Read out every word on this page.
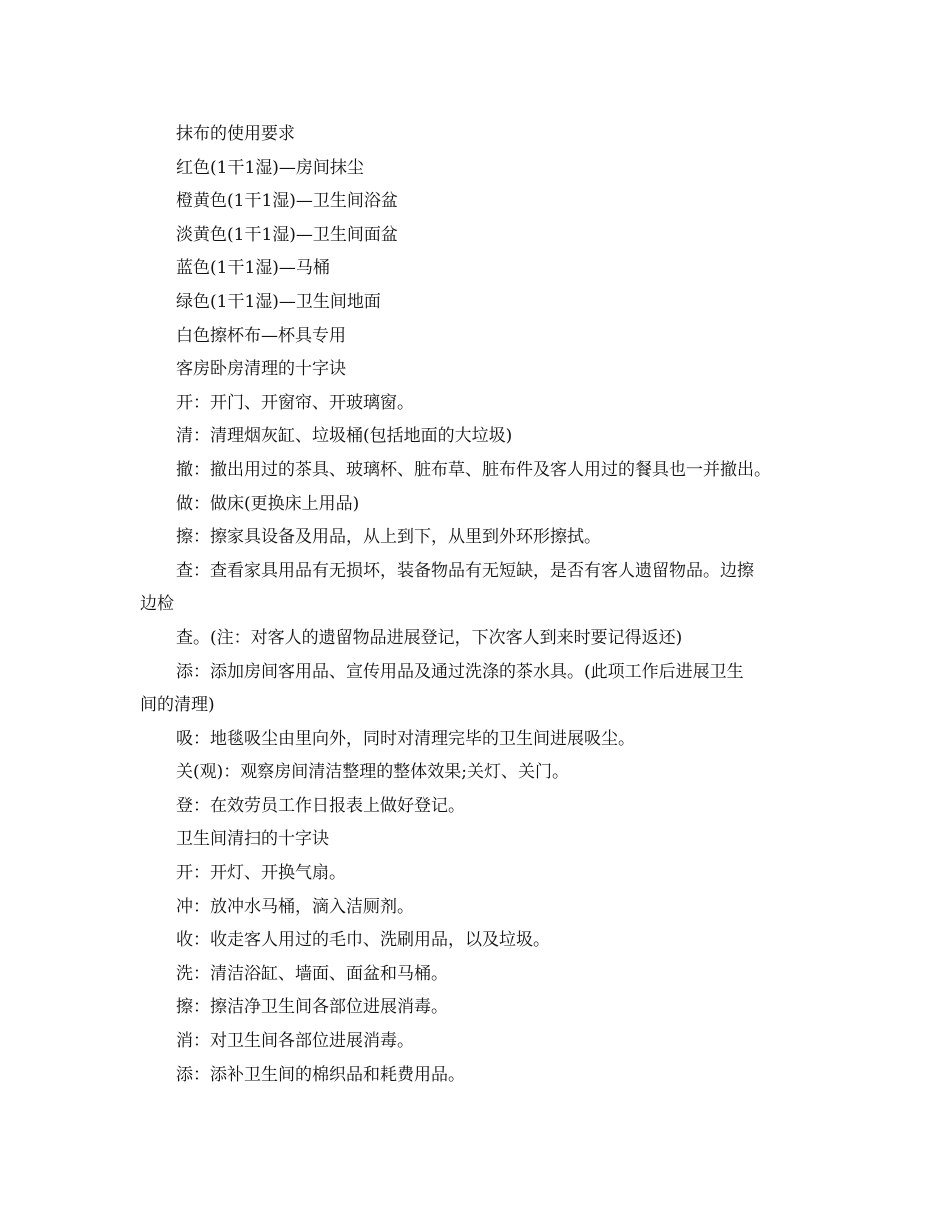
抹布的使用要求
红色(1干1湿)—房间抹尘
橙黄色(1干1湿)—卫生间浴盆
淡黄色(1干1湿)—卫生间面盆
蓝色(1干1湿)—马桶
绿色(1干1湿)—卫生间地面
白色擦杯布—杯具专用
客房卧房清理的十字诀
开：开门、开窗帘、开玻璃窗。
清：清理烟灰缸、垃圾桶(包括地面的大垃圾)
撤：撤出用过的茶具、玻璃杯、脏布草、脏布件及客人用过的餐具也一并撤出。
做：做床(更换床上用品)
擦：擦家具设备及用品，从上到下，从里到外环形擦拭。
查：查看家具用品有无损坏，装备物品有无短缺，是否有客人遗留物品。边擦
边检
查。(注：对客人的遗留物品进展登记，下次客人到来时要记得返还)
添：添加房间客用品、宣传用品及通过洗涤的茶水具。(此项工作后进展卫生
间的清理)
吸：地毯吸尘由里向外，同时对清理完毕的卫生间进展吸尘。
关(观)：观察房间清洁整理的整体效果;关灯、关门。
登：在效劳员工作日报表上做好登记。
卫生间清扫的十字诀
开：开灯、开换气扇。
冲：放冲水马桶，滴入洁厕剂。
收：收走客人用过的毛巾、洗刷用品，以及垃圾。
洗：清洁浴缸、墙面、面盆和马桶。
擦：擦洁净卫生间各部位进展消毒。
消：对卫生间各部位进展消毒。
添：添补卫生间的棉织品和耗费用品。
